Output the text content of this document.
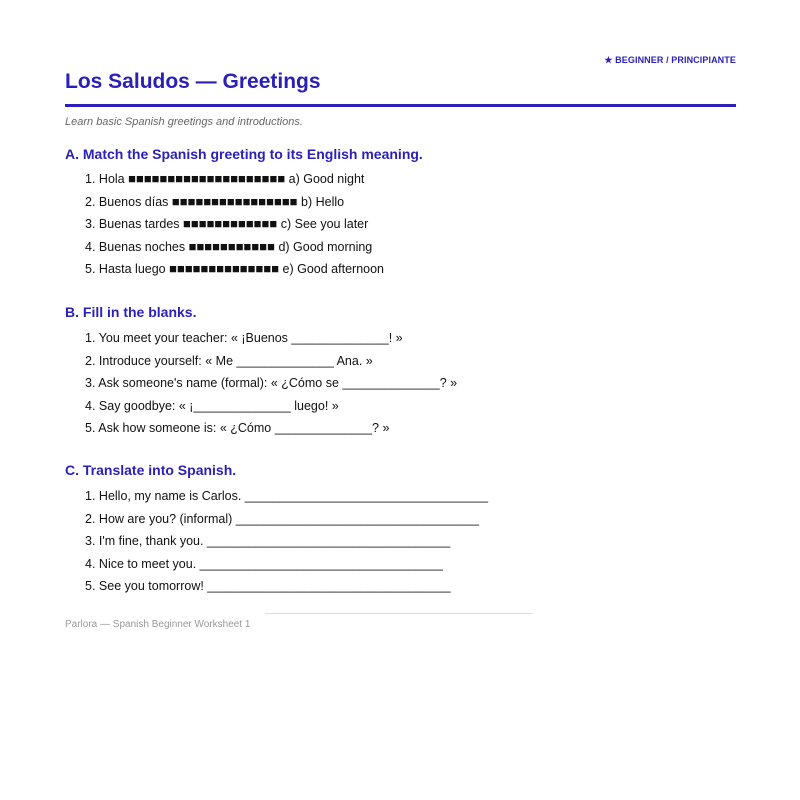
★ BEGINNER / PRINCIPIANTE
Los Saludos — Greetings
Learn basic Spanish greetings and introductions.
A. Match the Spanish greeting to its English meaning.
1. Hola ■■■■■■■■■■■■■■■■■■■■ a) Good night
2. Buenos días ■■■■■■■■■■■■■■■■ b) Hello
3. Buenas tardes ■■■■■■■■■■■■ c) See you later
4. Buenas noches ■■■■■■■■■■■ d) Good morning
5. Hasta luego ■■■■■■■■■■■■■■ e) Good afternoon
B. Fill in the blanks.
1. You meet your teacher: « ¡Buenos ______________! »
2. Introduce yourself: « Me ______________ Ana. »
3. Ask someone's name (formal): « ¿Cómo se ______________? »
4. Say goodbye: « ¡______________ luego! »
5. Ask how someone is: « ¿Cómo ______________? »
C. Translate into Spanish.
1. Hello, my name is Carlos. ___________________________________
2. How are you? (informal) ___________________________________
3. I'm fine, thank you. ___________________________________
4. Nice to meet you. ___________________________________
5. See you tomorrow! ___________________________________
Parlora — Spanish Beginner Worksheet 1
